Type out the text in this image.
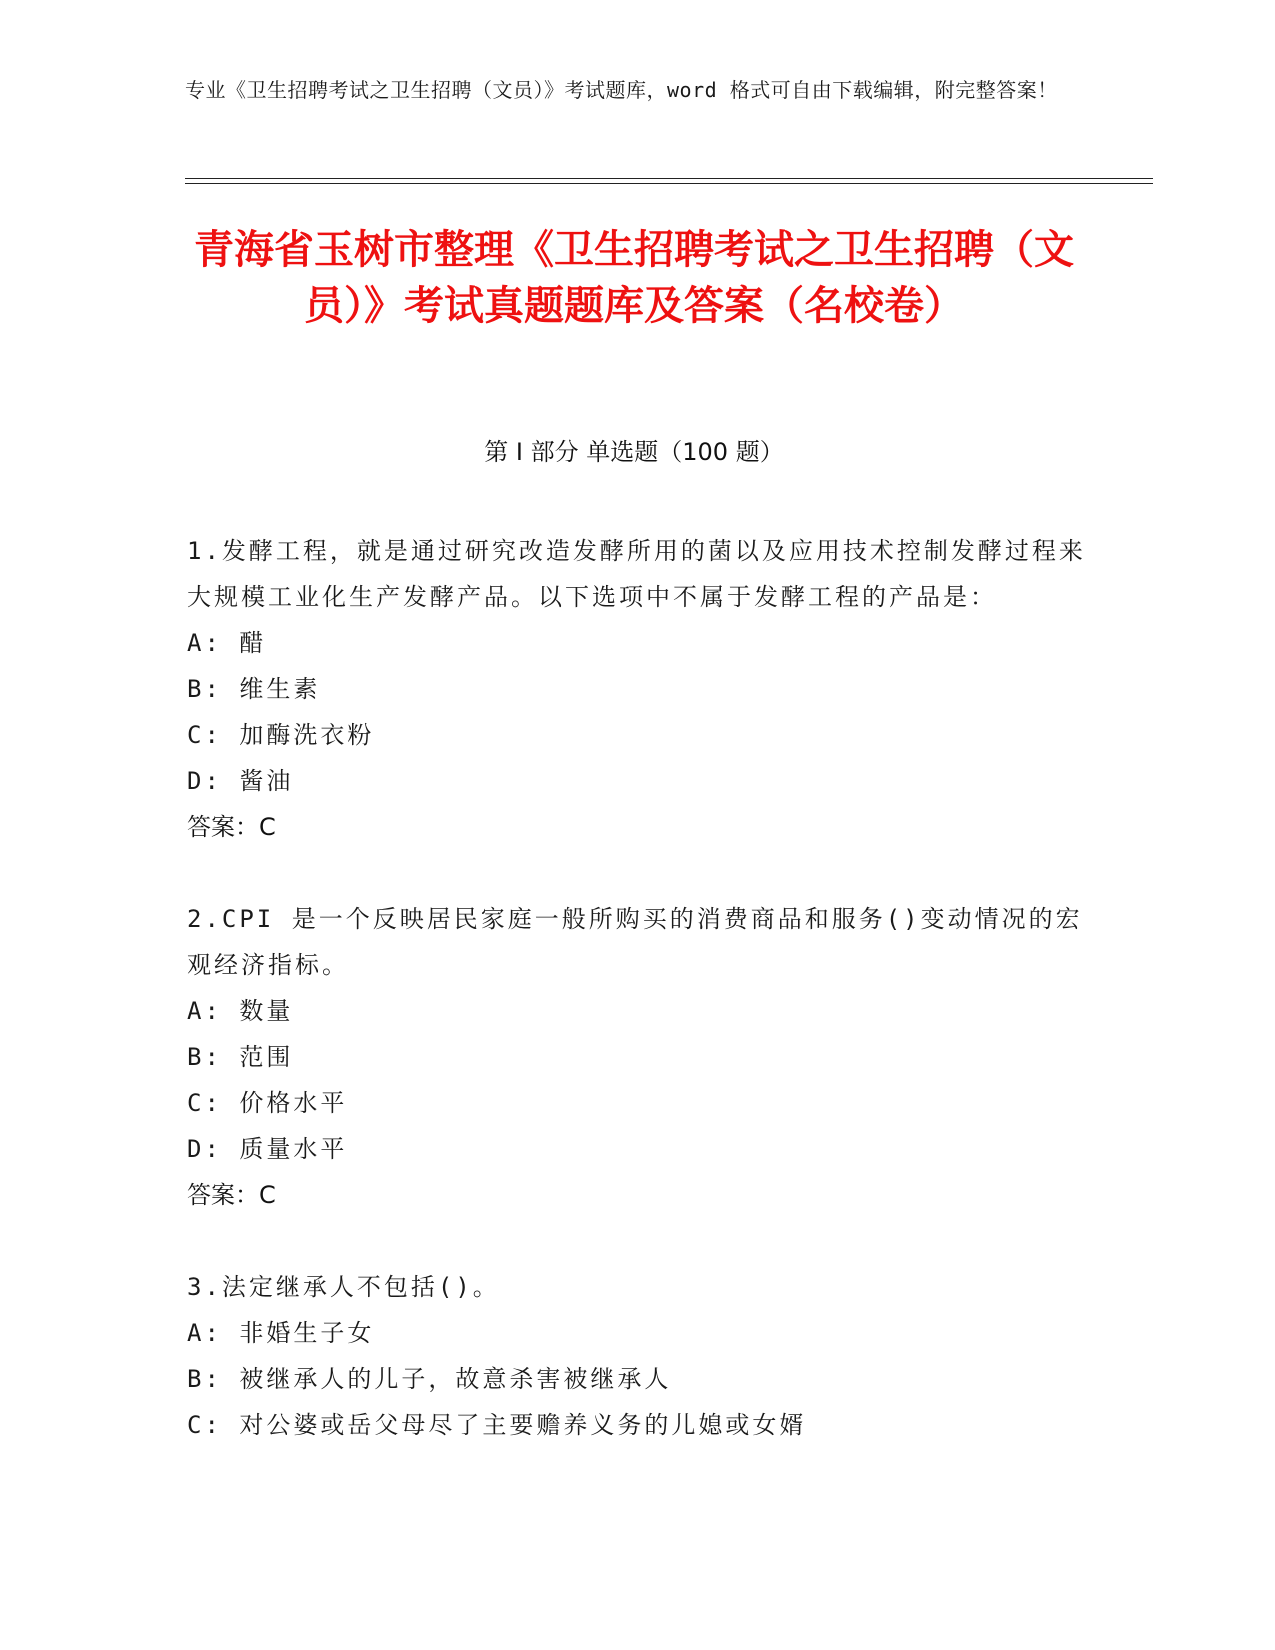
专业《卫生招聘考试之卫生招聘（文员）》考试题库，word 格式可自由下载编辑，附完整答案！
青海省玉树市整理《卫生招聘考试之卫生招聘（文员）》考试真题题库及答案（名校卷）
第 I 部分 单选题（100 题）
1.发酵工程，就是通过研究改造发酵所用的菌以及应用技术控制发酵过程来大规模工业化生产发酵产品。以下选项中不属于发酵工程的产品是：
A: 醋
B: 维生素
C: 加酶洗衣粉
D: 酱油
答案：C
2.CPI 是一个反映居民家庭一般所购买的消费商品和服务()变动情况的宏观经济指标。
A: 数量
B: 范围
C: 价格水平
D: 质量水平
答案：C
3.法定继承人不包括()。
A: 非婚生子女
B: 被继承人的儿子，故意杀害被继承人
C: 对公婆或岳父母尽了主要赡养义务的儿媳或女婿
